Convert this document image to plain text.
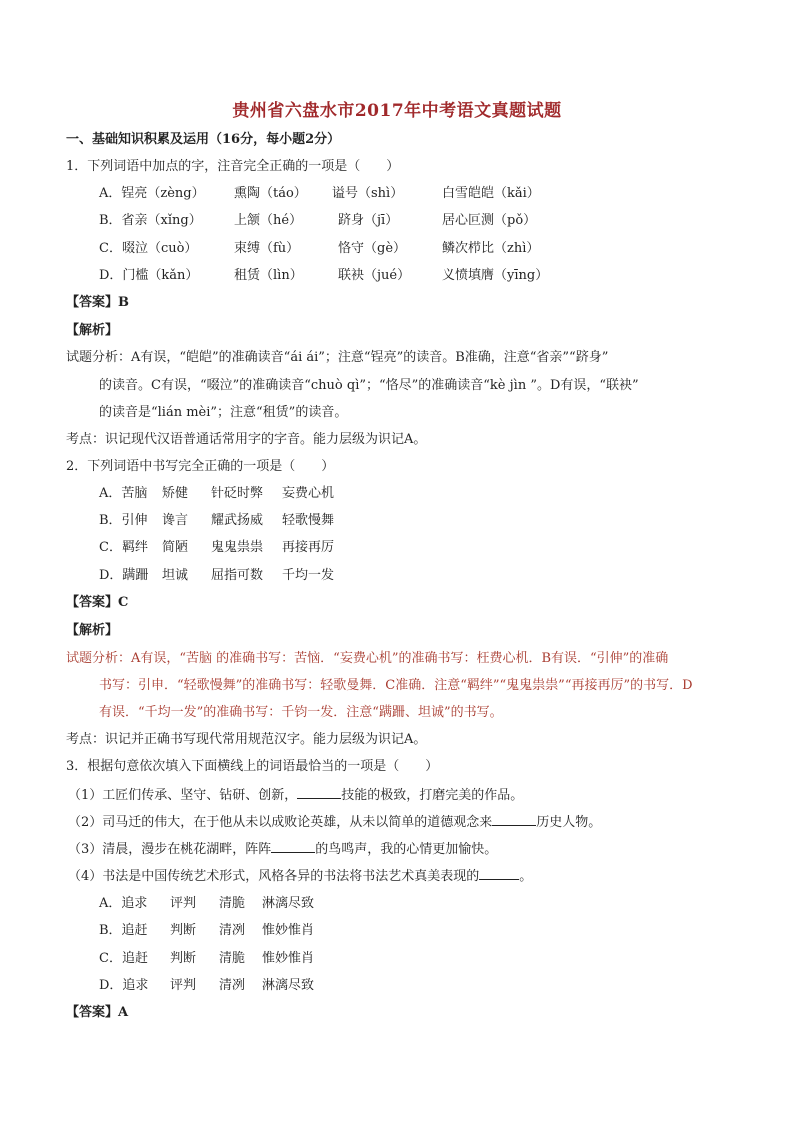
贵州省六盘水市2017年中考语文真题试题
一、基础知识积累及运用（16分，每小题2分）
1．下列词语中加点的字，注音完全正确的一项是（　　）
A．锃亮（zèng） 熏陶（táo） 谥号（shì）	白雪皑皑（kǎi）
B．省亲（xǐng） 上颔（hé）	跻身（jī）	居心叵测（pǒ）
C．啜泣（cuò）	束缚（fù）	恪守（gè）	鳞次栉比（zhì）
D．门槛（kǎn）	租赁（lìn）	联袂（jué） 义愤填膺（yīng）
【答案】B
【解析】
试题分析：A有误，“皑皑”的准确读音“ái ái”；注意“锃亮”的读音。B准确，注意“省亲”“跻身”
的读音。C有误，“啜泣”的准确读音“chuò qì”；“恪尽”的准确读音“kè jìn ”。D有误，“联袂”
的读音是“lián mèi”；注意“租赁”的读音。
考点：识记现代汉语普通话常用字的字音。能力层级为识记A。
2．下列词语中书写完全正确的一项是（　　）
A．苦脑 矫健 针砭时弊 妄费心机
B．引伸 谗言 耀武扬威 轻歌慢舞
C．羁绊 简陋 鬼鬼祟祟 再接再厉
D．蹒跚 坦诚 屈指可数 千均一发
【答案】C
【解析】
试题分析：A有误，“苦脑 的准确书写：苦恼．“妄费心机”的准确书写：枉费心机．B有误．“引伸”的准确
书写：引申．“轻歌慢舞”的准确书写：轻歌曼舞．C准确．注意“羁绊”“鬼鬼祟祟”“再接再厉”的书写．D
有误．“千均一发”的准确书写：千钧一发．注意“蹒跚、坦诚”的书写。
考点：识记并正确书写现代常用规范汉字。能力层级为识记A。
3．根据句意依次填入下面横线上的词语最恰当的一项是（　　）
（1）工匠们传承、坚守、钻研、创新，	技能的极致，打磨完美的作品。
（2）司马迁的伟大，在于他从未以成败论英雄，从未以简单的道德观念来	历史人物。
（3）清晨，漫步在桃花湖畔，阵阵	的鸟鸣声，我的心情更加愉快。
（4）书法是中国传统艺术形式，风格各异的书法将书法艺术真美表现的	。
A．追求 评判 清脆 淋漓尽致
B．追赶 判断 清冽 惟妙惟肖
C．追赶 判断 清脆 惟妙惟肖
D．追求 评判 清冽 淋漓尽致
【答案】A
